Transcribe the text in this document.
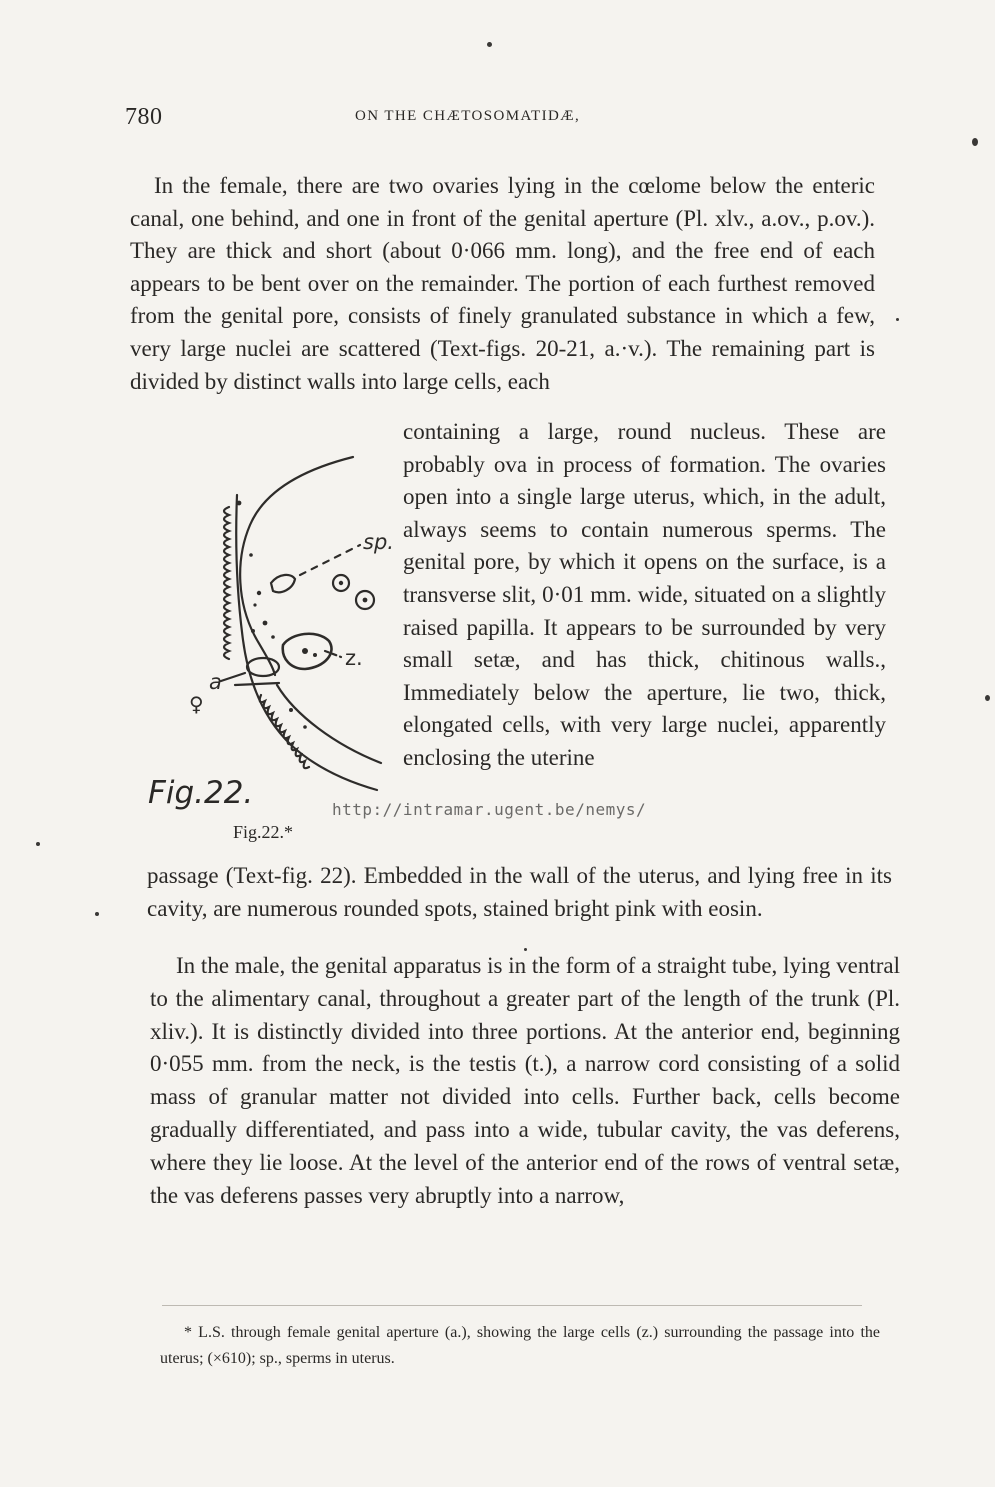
780	ON THE CHÆTOSOMATIDÆ,

In the female, there are two ovaries lying in the cœlome below the enteric canal, one behind, and one in front of the genital aperture (Pl. xlv., a.ov., p.ov.). They are thick and short (about 0·066 mm. long), and the free end of each appears to be bent over on the remainder. The portion of each furthest removed from the genital pore, consists of finely granulated substance in which a few, very large nuclei are scattered (Text-figs. 20-21, a.·v.). The remaining part is divided by distinct walls into large cells, each

sp.
z.
a
♀

containing a large, round nucleus. These are probably ova in process of formation. The ovaries open into a single large uterus, which, in the adult, always seems to contain numerous sperms. The genital pore, by which it opens on the surface, is a transverse slit, 0·01 mm. wide, situated on a slightly raised papilla. It appears to be surrounded by very small setæ, and has thick, chitinous walls., Immediately below the aperture, lie two, thick, elongated cells, with very large nuclei, apparently enclosing the uterine

Fig.22.
Fig.22.*
http://intramar.ugent.be/nemys/

passage (Text-fig. 22). Embedded in the wall of the uterus, and lying free in its cavity, are numerous rounded spots, stained bright pink with eosin.

In the male, the genital apparatus is in the form of a straight tube, lying ventral to the alimentary canal, throughout a greater part of the length of the trunk (Pl. xliv.). It is distinctly divided into three portions. At the anterior end, beginning 0·055 mm. from the neck, is the testis (t.), a narrow cord consisting of a solid mass of granular matter not divided into cells. Further back, cells become gradually differentiated, and pass into a wide, tubular cavity, the vas deferens, where they lie loose. At the level of the anterior end of the rows of ventral setæ, the vas deferens passes very abruptly into a narrow,

* L.S. through female genital aperture (a.), showing the large cells (z.) surrounding the passage into the uterus; (×610); sp., sperms in uterus.
